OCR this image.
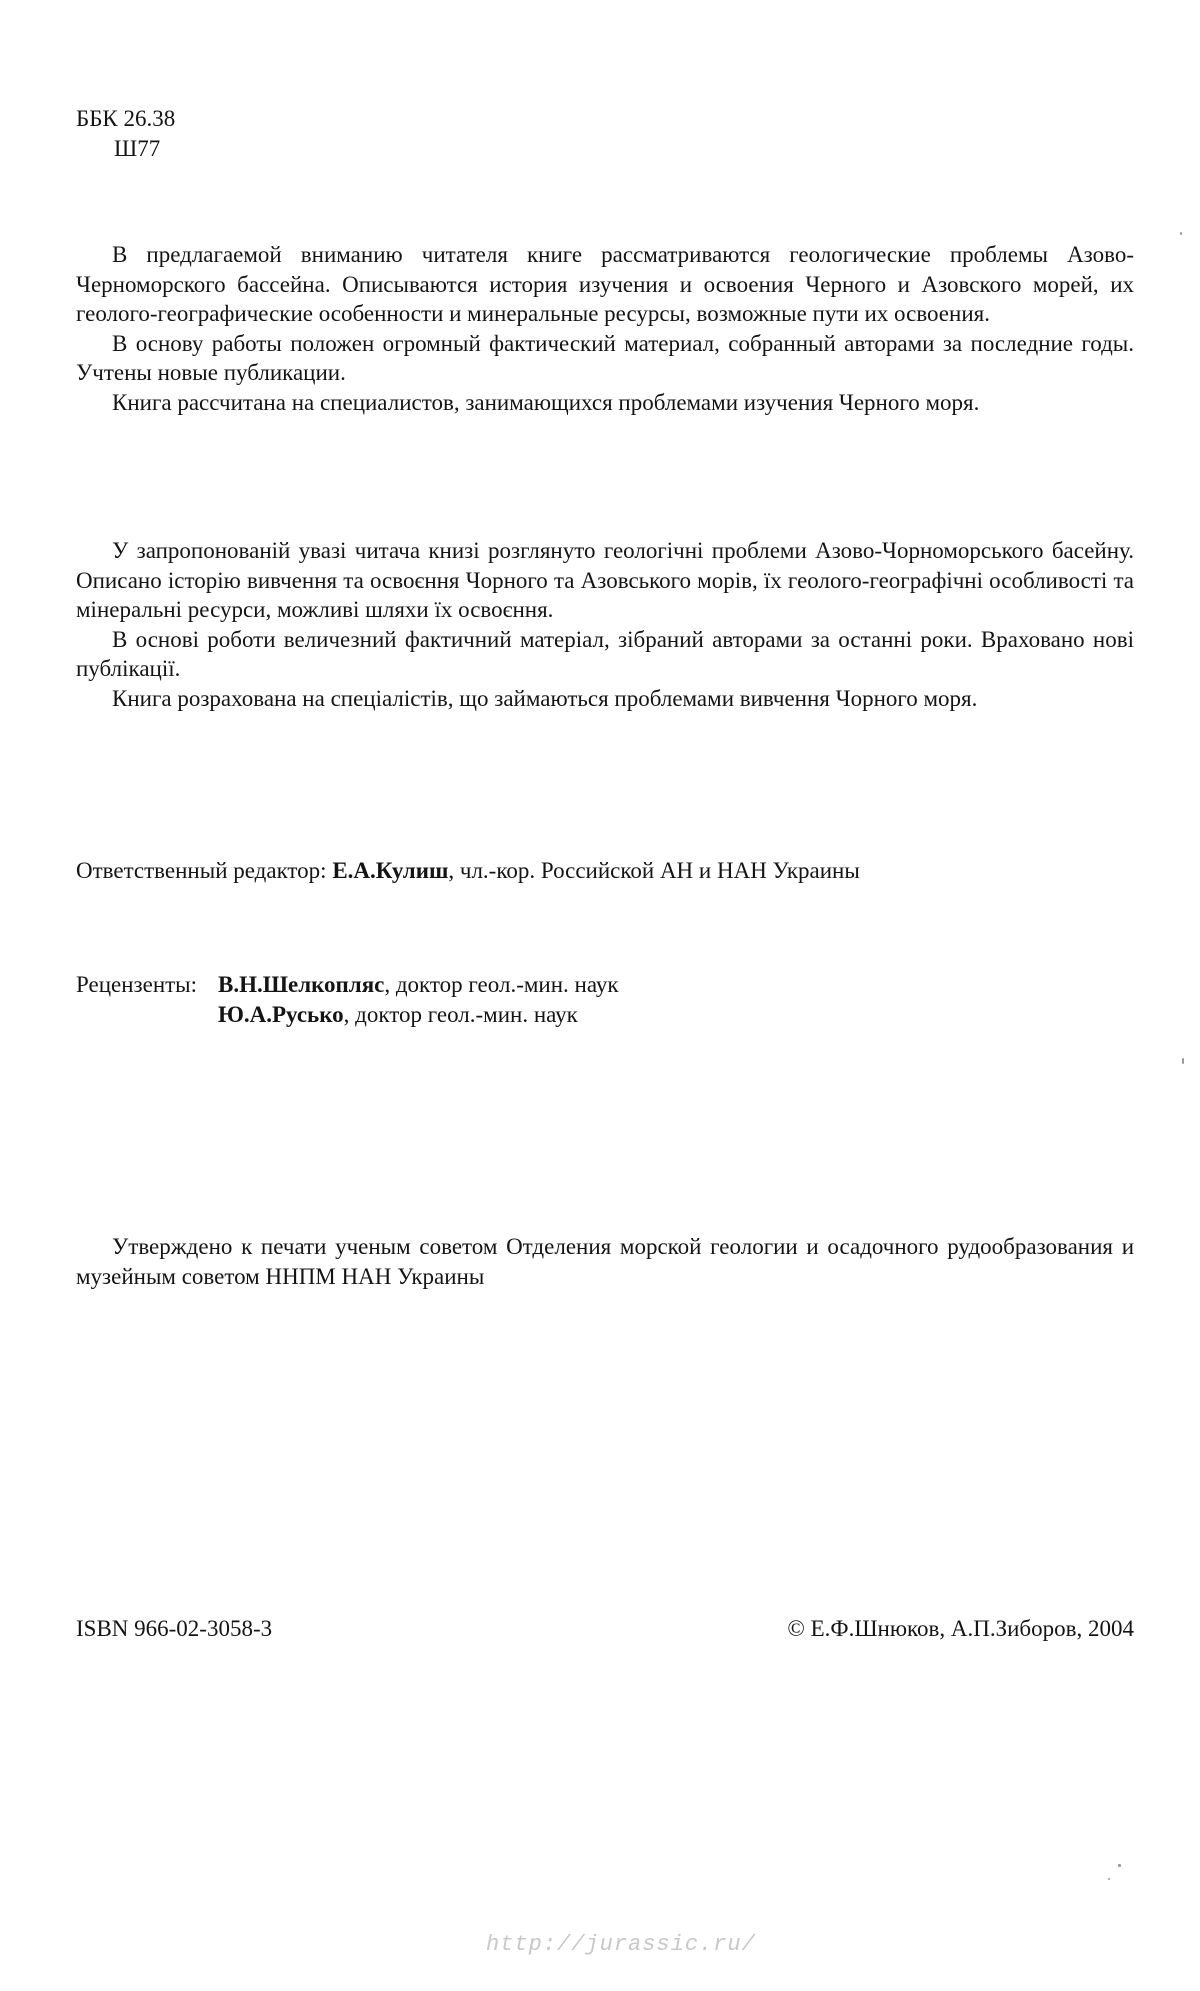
ББК 26.38
Ш77

В предлагаемой вниманию читателя книге рассматриваются геологические проблемы Азово-Черноморского бассейна. Описываются история изучения и освоения Черного и Азовского морей, их геолого-географические особенности и минеральные ресурсы, возможные пути их освоения.

В основу работы положен огромный фактический материал, собранный авторами за последние годы. Учтены новые публикации.

Книга рассчитана на специалистов, занимающихся проблемами изучения Черного моря.

У запропонованій увазі читача книзі розглянуто геологічні проблеми Азово-Чорноморського басейну. Описано історію вивчення та освоєння Чорного та Азовського морів, їх геолого-географічні особливості та мінеральні ресурси, можливі шляхи їх освоєння.

В основі роботи величезний фактичний матеріал, зібраний авторами за останні роки. Враховано нові публікації.

Книга розрахована на спеціалістів, що займаються проблемами вивчення Чорного моря.

Ответственный редактор: Е.А.Кулиш, чл.-кор. Российской АН и НАН Украины
Рецензенты: В.Н.Шелкопляс, доктор геол.-мин. наук
Ю.А.Русько, доктор геол.-мин. наук

Утверждено к печати ученым советом Отделения морской геологии и осадочного рудообразования и музейным советом ННПМ НАН Украины

ISBN 966-02-3058-3	© Е.Ф.Шнюков, А.П.Зиборов, 2004
http://jurassic.ru/
